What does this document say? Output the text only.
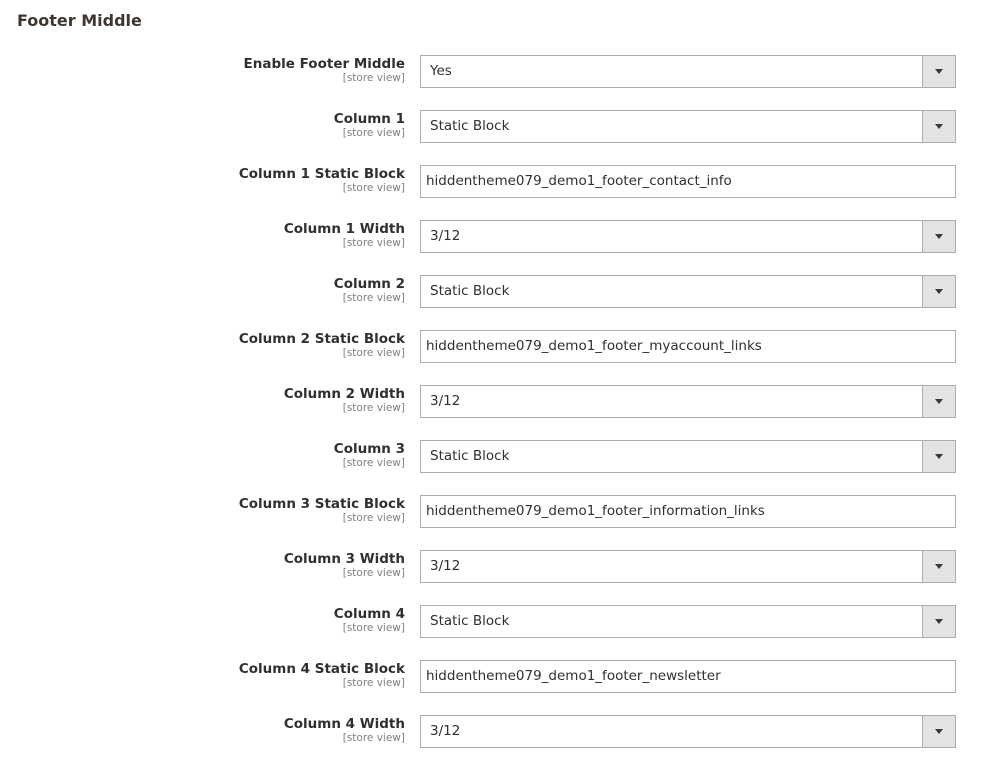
Footer Middle
Enable Footer Middle
[store view] Yes
Column 1
[store view] Static Block
Column 1 Static Block
[store view] hiddentheme079_demo1_footer_contact_info
Column 1 Width
[store view] 3/12
Column 2
[store view] Static Block
Column 2 Static Block
[store view] hiddentheme079_demo1_footer_myaccount_links
Column 2 Width
[store view] 3/12
Column 3
[store view] Static Block
Column 3 Static Block
[store view] hiddentheme079_demo1_footer_information_links
Column 3 Width
[store view] 3/12
Column 4
[store view] Static Block
Column 4 Static Block
[store view] hiddentheme079_demo1_footer_newsletter
Column 4 Width
[store view] 3/12
